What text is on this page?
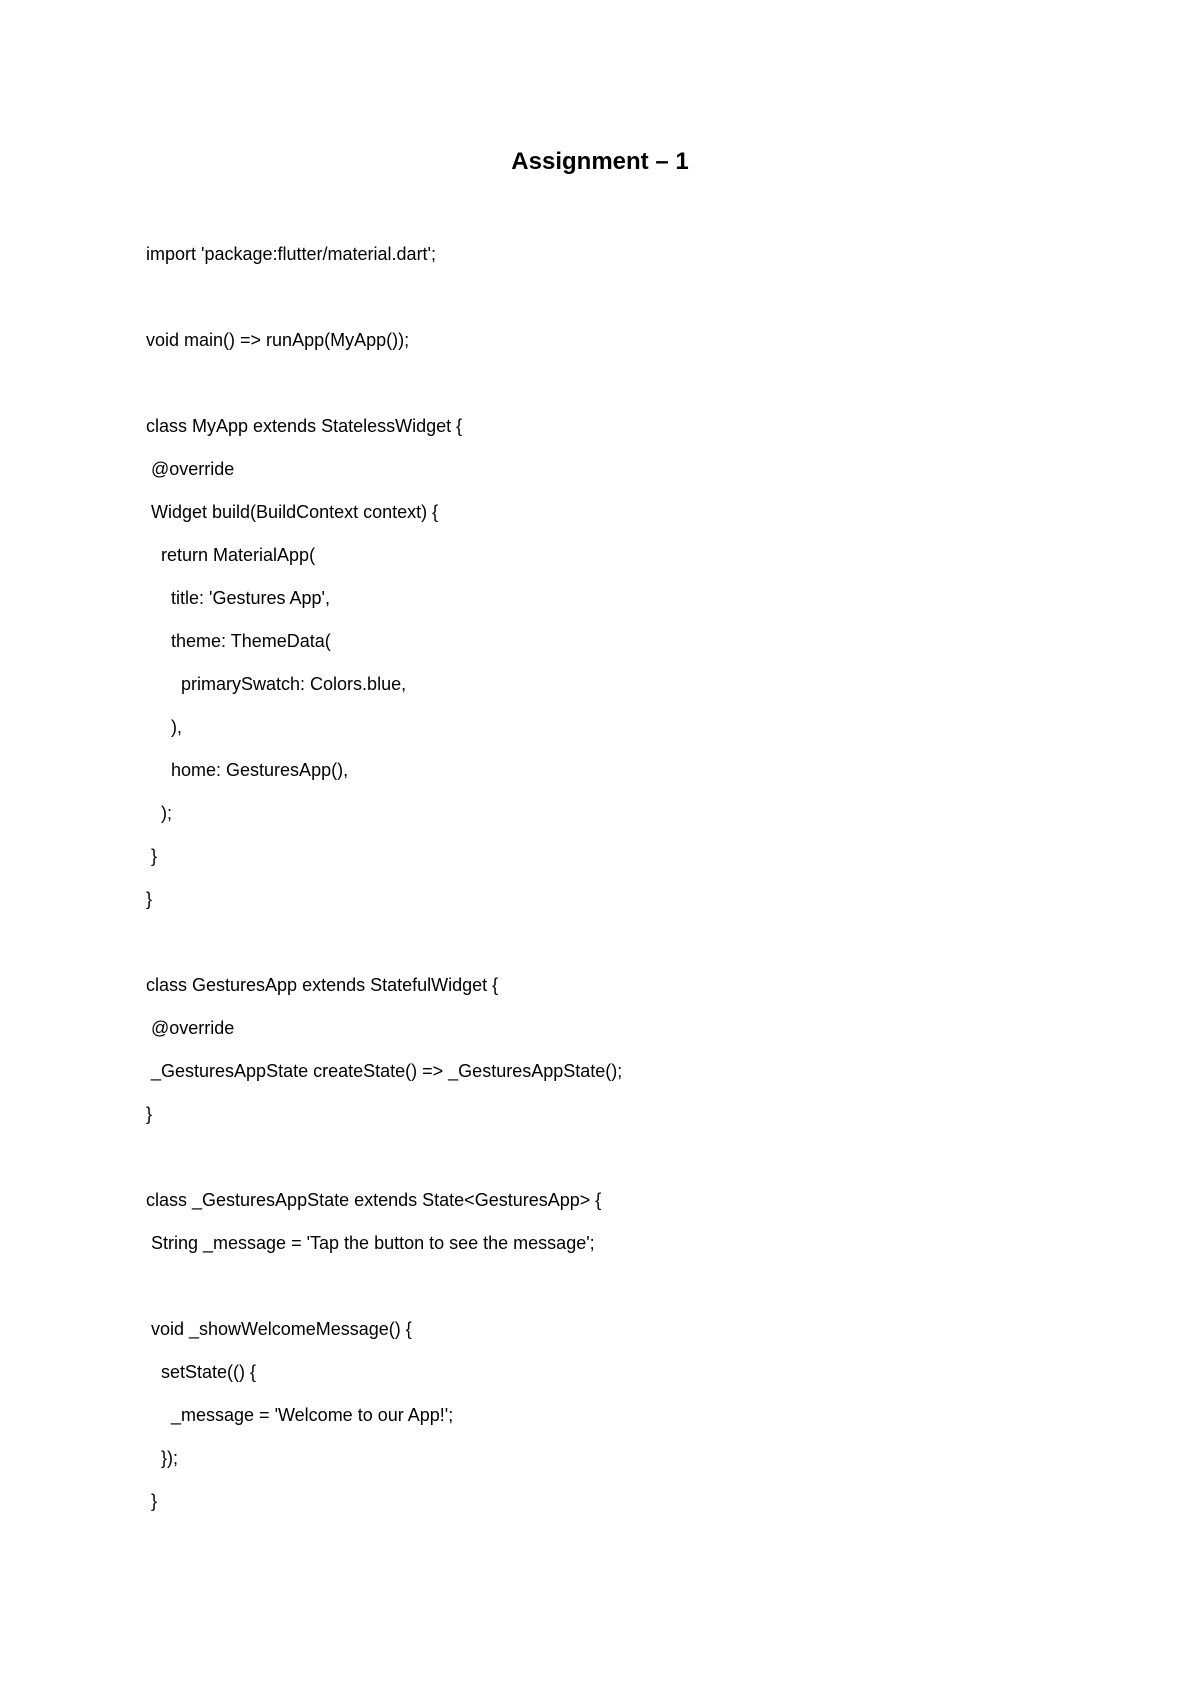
Assignment – 1
import 'package:flutter/material.dart';
void main() => runApp(MyApp());
class MyApp extends StatelessWidget {
@override
Widget build(BuildContext context) {
return MaterialApp(
title: 'Gestures App',
theme: ThemeData(
primarySwatch: Colors.blue,
),
home: GesturesApp(),
);
}
}
class GesturesApp extends StatefulWidget {
@override
_GesturesAppState createState() => _GesturesAppState();
}
class _GesturesAppState extends State<GesturesApp> {
String _message = 'Tap the button to see the message';
void _showWelcomeMessage() {
setState(() {
_message = 'Welcome to our App!';
});
}
